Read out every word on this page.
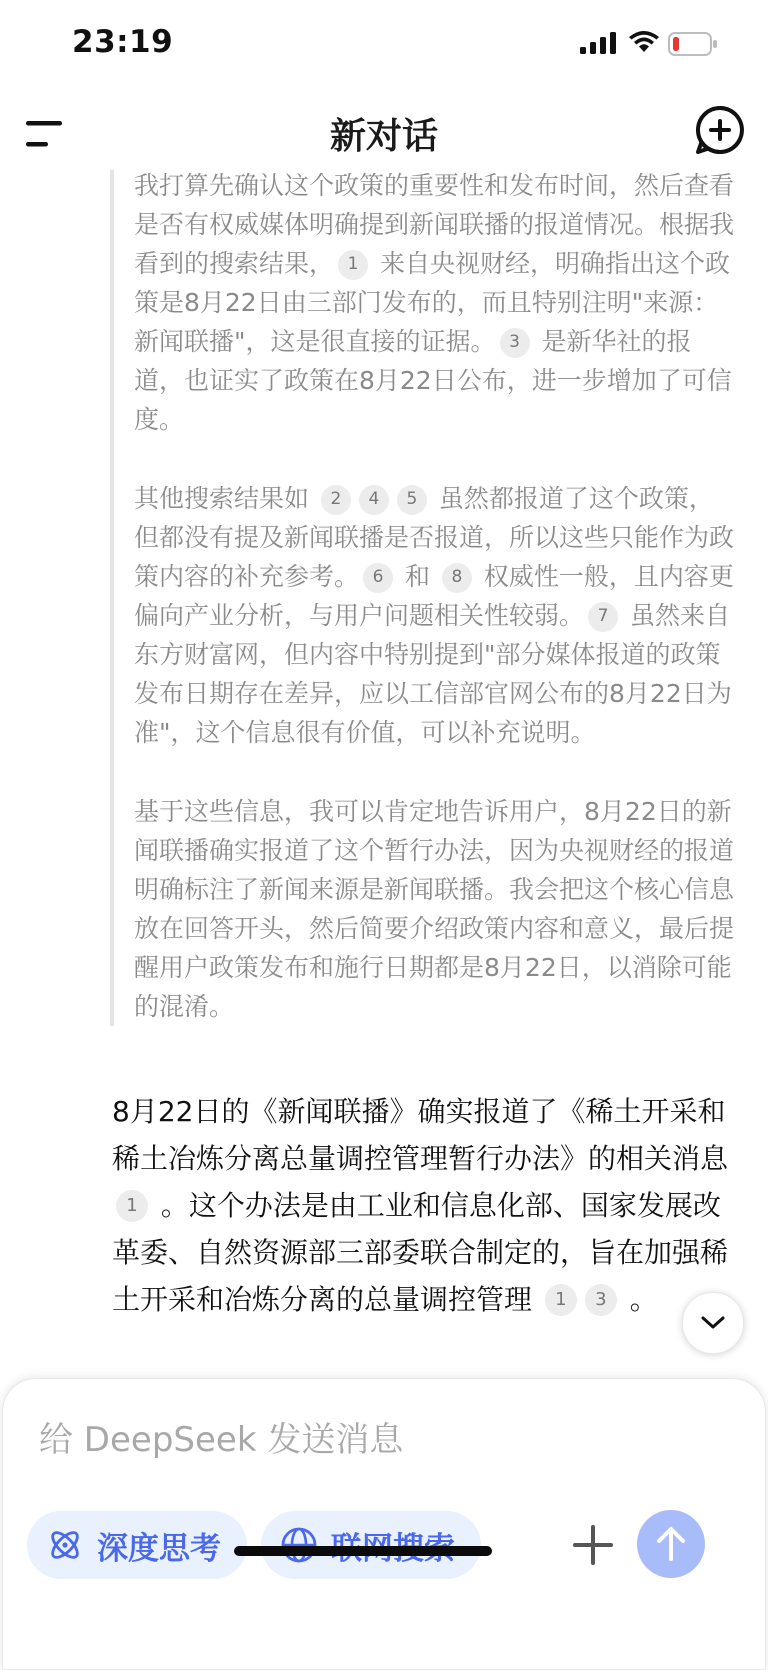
23:19
新对话

我打算先确认这个政策的重要性和发布时间，然后查看是否有权威媒体明确提到新闻联播的报道情况。根据我看到的搜索结果， 1 来自央视财经，明确指出这个政策是8月22日由三部门发布的，而且特别注明"来源：新闻联播"，这是很直接的证据。 3 是新华社的报道，也证实了政策在8月22日公布，进一步增加了可信度。

其他搜索结果如 2 4 5 虽然都报道了这个政策，但都没有提及新闻联播是否报道，所以这些只能作为政策内容的补充参考。 6 和 8 权威性一般，且内容更偏向产业分析，与用户问题相关性较弱。 7 虽然来自东方财富网，但内容中特别提到"部分媒体报道的政策发布日期存在差异，应以工信部官网公布的8月22日为准"，这个信息很有价值，可以补充说明。

基于这些信息，我可以肯定地告诉用户，8月22日的新闻联播确实报道了这个暂行办法，因为央视财经的报道明确标注了新闻来源是新闻联播。我会把这个核心信息放在回答开头，然后简要介绍政策内容和意义，最后提醒用户政策发布和施行日期都是8月22日，以消除可能的混淆。

8月22日的《新闻联播》确实报道了《稀土开采和稀土冶炼分离总量调控管理暂行办法》的相关消息 1 。这个办法是由工业和信息化部、国家发展改革委、自然资源部三部委联合制定的，旨在加强稀土开采和冶炼分离的总量调控管理 1 3 。

给 DeepSeek 发送消息
深度思考
